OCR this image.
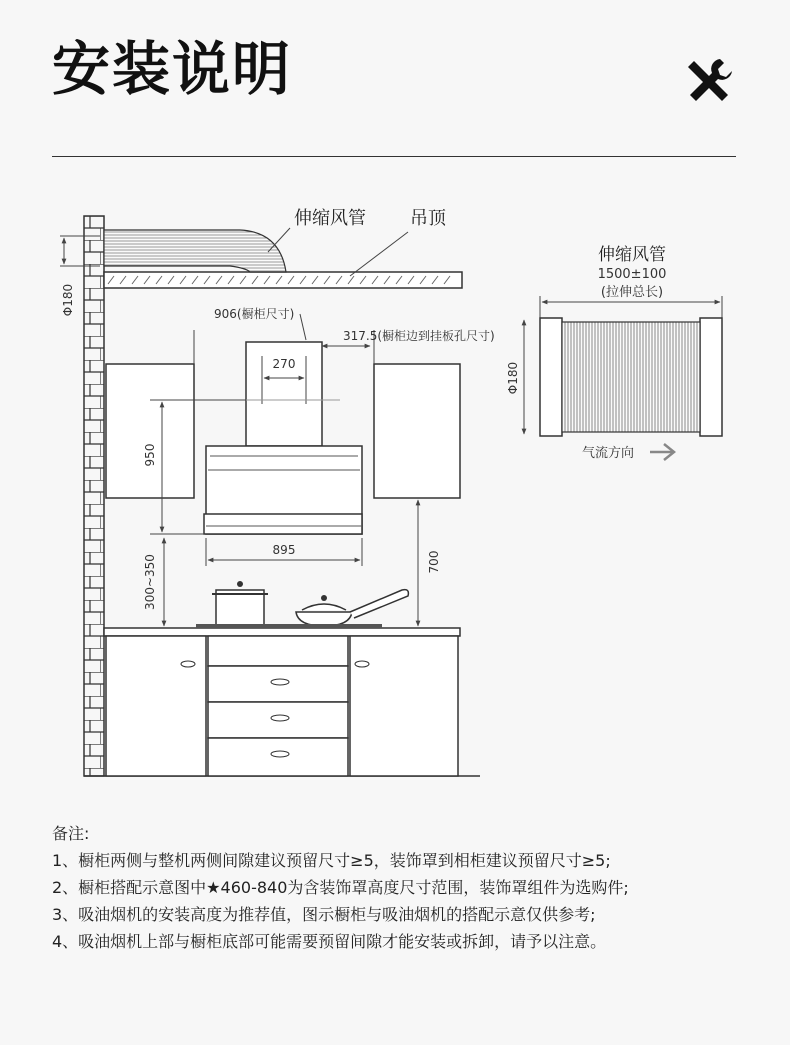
安装说明
Φ180
伸缩风管 吊顶
906(橱柜尺寸)
317.5(橱柜边到挂板孔尺寸)
270
950
895
300~350	700
伸缩风管
1500±100
(拉伸总长)
Φ180
气流方向
备注:
1、橱柜两侧与整机两侧间隙建议预留尺寸≥5，装饰罩到相柜建议预留尺寸≥5;
2、橱柜搭配示意图中★460-840为含装饰罩高度尺寸范围，装饰罩组件为选购件;
3、吸油烟机的安装高度为推荐值，图示橱柜与吸油烟机的搭配示意仅供参考;
4、吸油烟机上部与橱柜底部可能需要预留间隙才能安装或拆卸，请予以注意。
